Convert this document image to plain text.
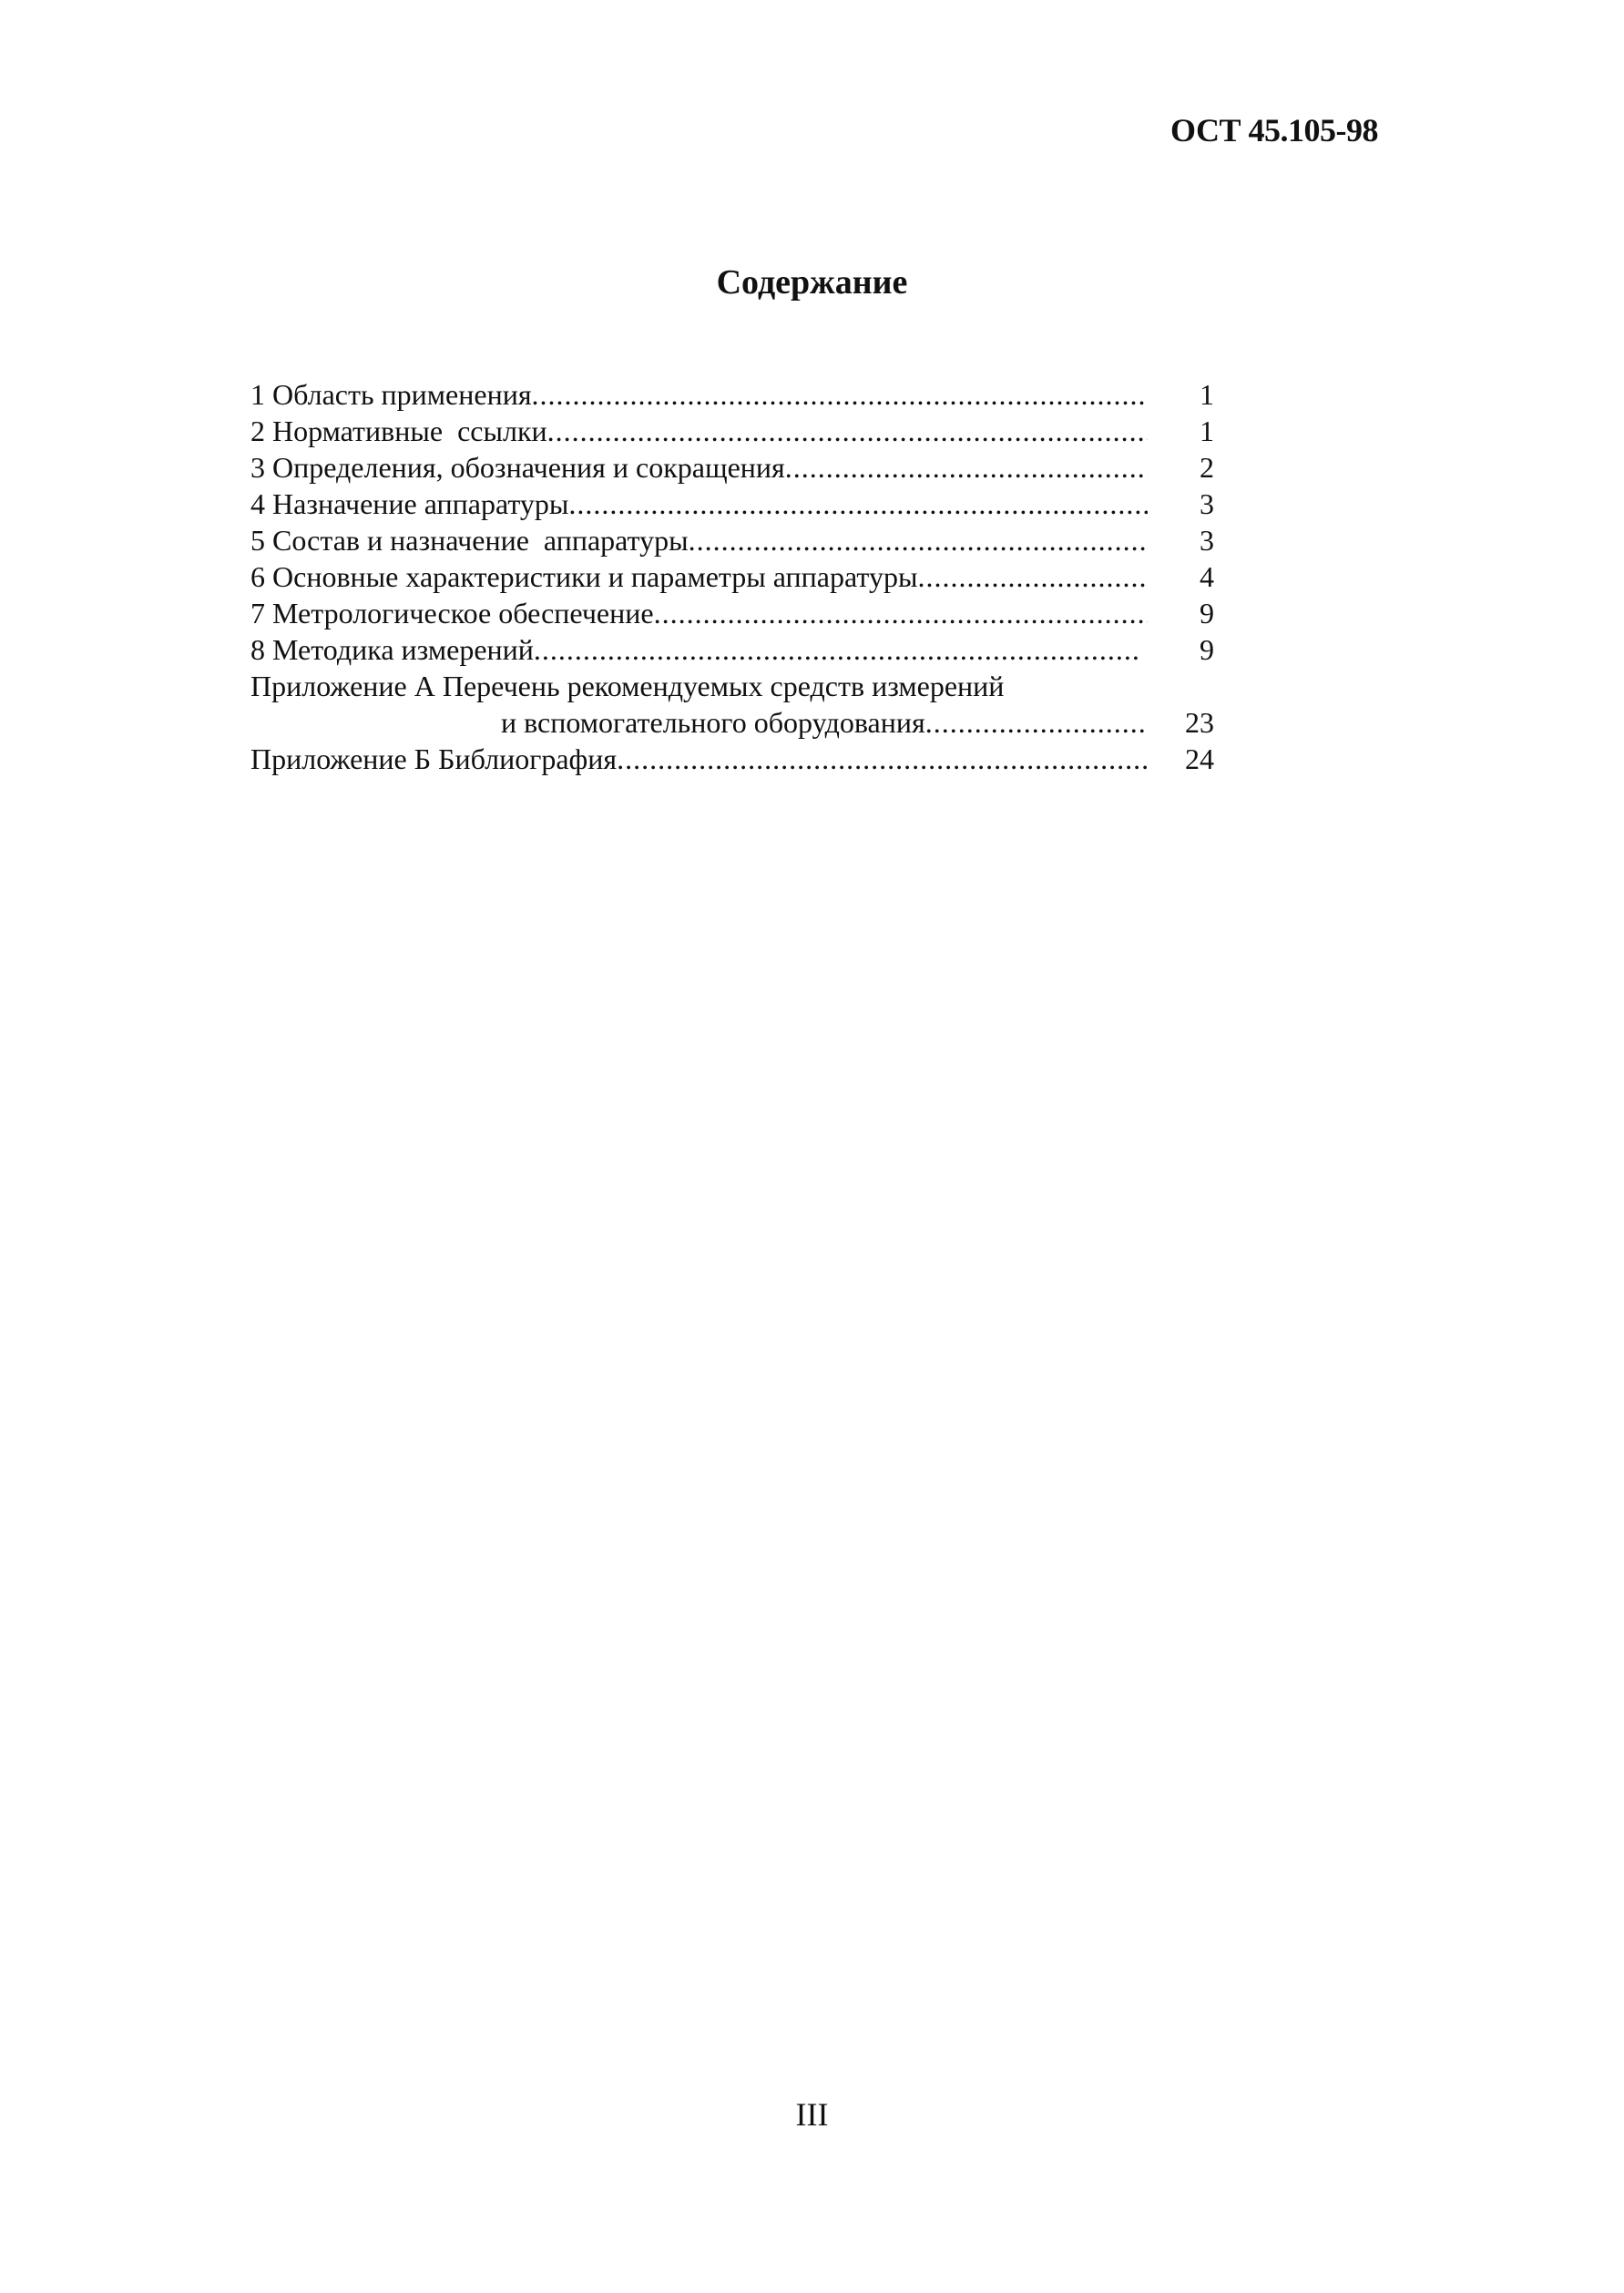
ОСТ 45.105-98
Содержание
1 Область применения .....	1
2 Нормативные  ссылки .....	1
3 Определения, обозначения и сокращения .....	2
4 Назначение аппаратуры .....	3
5 Состав и назначение  аппаратуры .....	3
6 Основные характеристики и параметры аппаратуры .....	4
7 Метрологическое обеспечение .....	9
8 Методика измерений .....	9
Приложение А Перечень рекомендуемых средств измерений
и вспомогательного оборудования .....	23
Приложение Б Библиография .....	24
III
